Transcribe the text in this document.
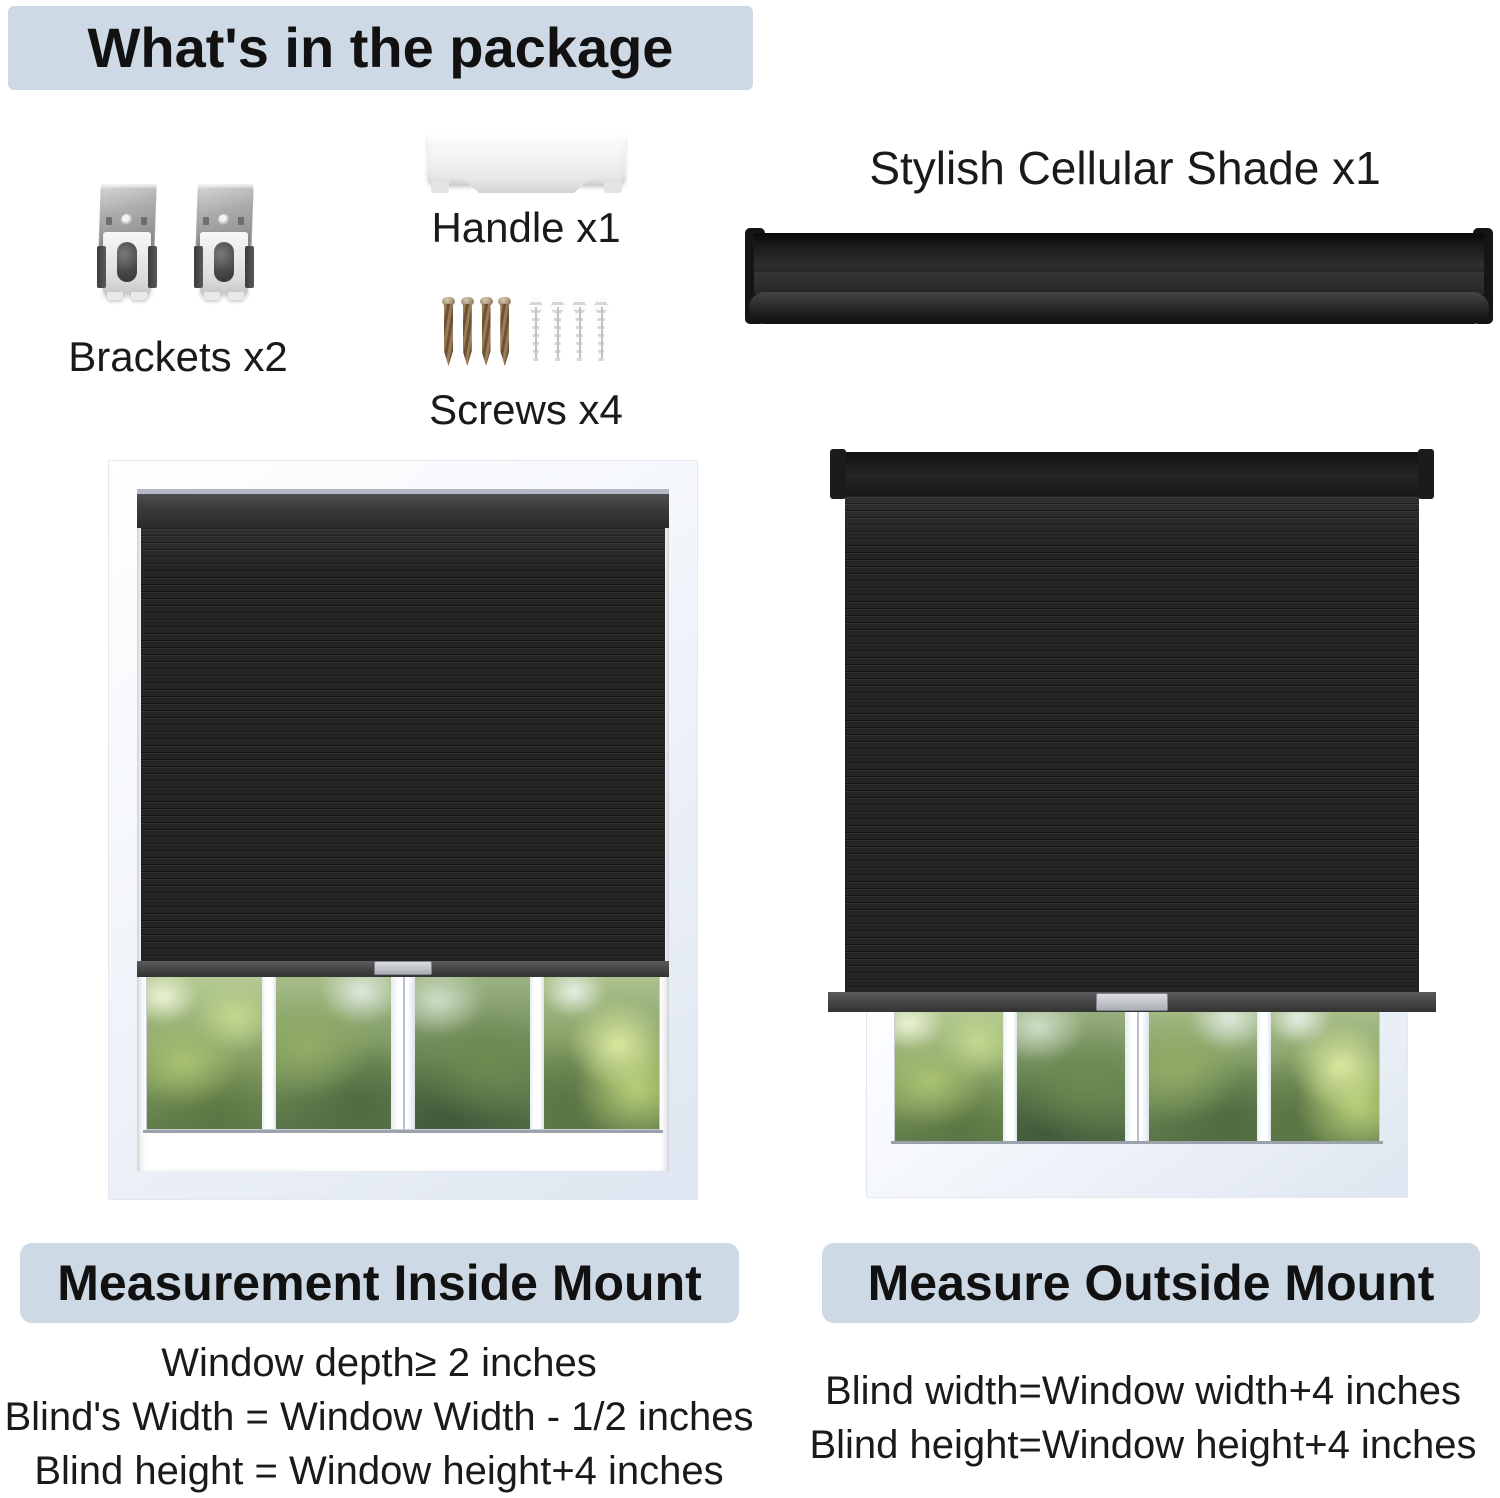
What's in the package
Brackets x2
Handle x1
Screws x4
Stylish Cellular Shade x1
Measurement Inside Mount
Window depth≥ 2 inches
Blind's Width = Window Width - 1/2 inches
Blind height = Window height+4 inches
Measure Outside Mount
Blind width=Window width+4 inches
Blind height=Window height+4 inches
